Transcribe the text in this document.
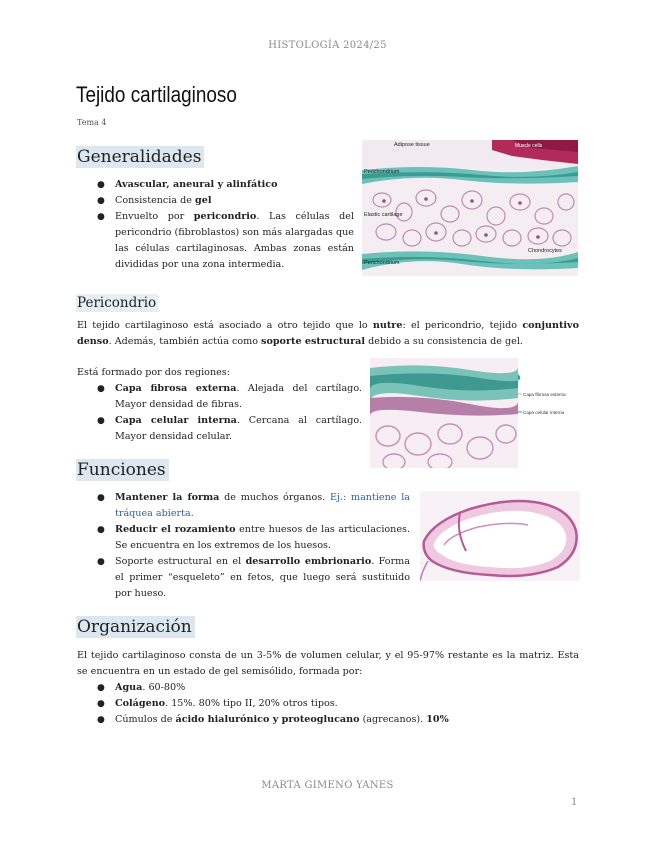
HISTOLOGÍA 2024/25
Tejido cartilaginoso
Tema 4
Generalidades
● Avascular, aneural y alinfático
● Consistencia de gel
● Envuelto por pericondrio. Las células del pericondrio (fibroblastos) son más alargadas que las células cartilaginosas. Ambas zonas están divididas por una zona intermedia.
Adipose tissue	Muscle cells
Perichondrium
Elastic cartilage
Chondrocytes
Perichondrium
Pericondrio
El tejido cartilaginoso está asociado a otro tejido que lo nutre: el pericondrio, tejido conjuntivo denso. Además, también actúa como soporte estructural debido a su consistencia de gel.
Está formado por dos regiones:
● Capa fibrosa externa. Alejada del cartílago. Mayor densidad de fibras.
● Capa celular interna. Cercana al cartílago. Mayor densidad celular.
Capa fibrosa externa
Capa celular interna
Funciones
● Mantener la forma de muchos órganos. Ej.: mantiene la tráquea abierta.
● Reducir el rozamiento entre huesos de las articulaciones. Se encuentra en los extremos de los huesos.
● Soporte estructural en el desarrollo embrionario. Forma el primer “esqueleto” en fetos, que luego será sustituido por hueso.
Organización
El tejido cartilaginoso consta de un 3-5% de volumen celular, y el 95-97% restante es la matriz. Esta se encuentra en un estado de gel semisólido, formada por:
● Agua. 60-80%
● Colágeno. 15%. 80% tipo II, 20% otros tipos.
● Cúmulos de ácido hialurónico y proteoglucano (agrecanos). 10%
MARTA GIMENO YANES
1
